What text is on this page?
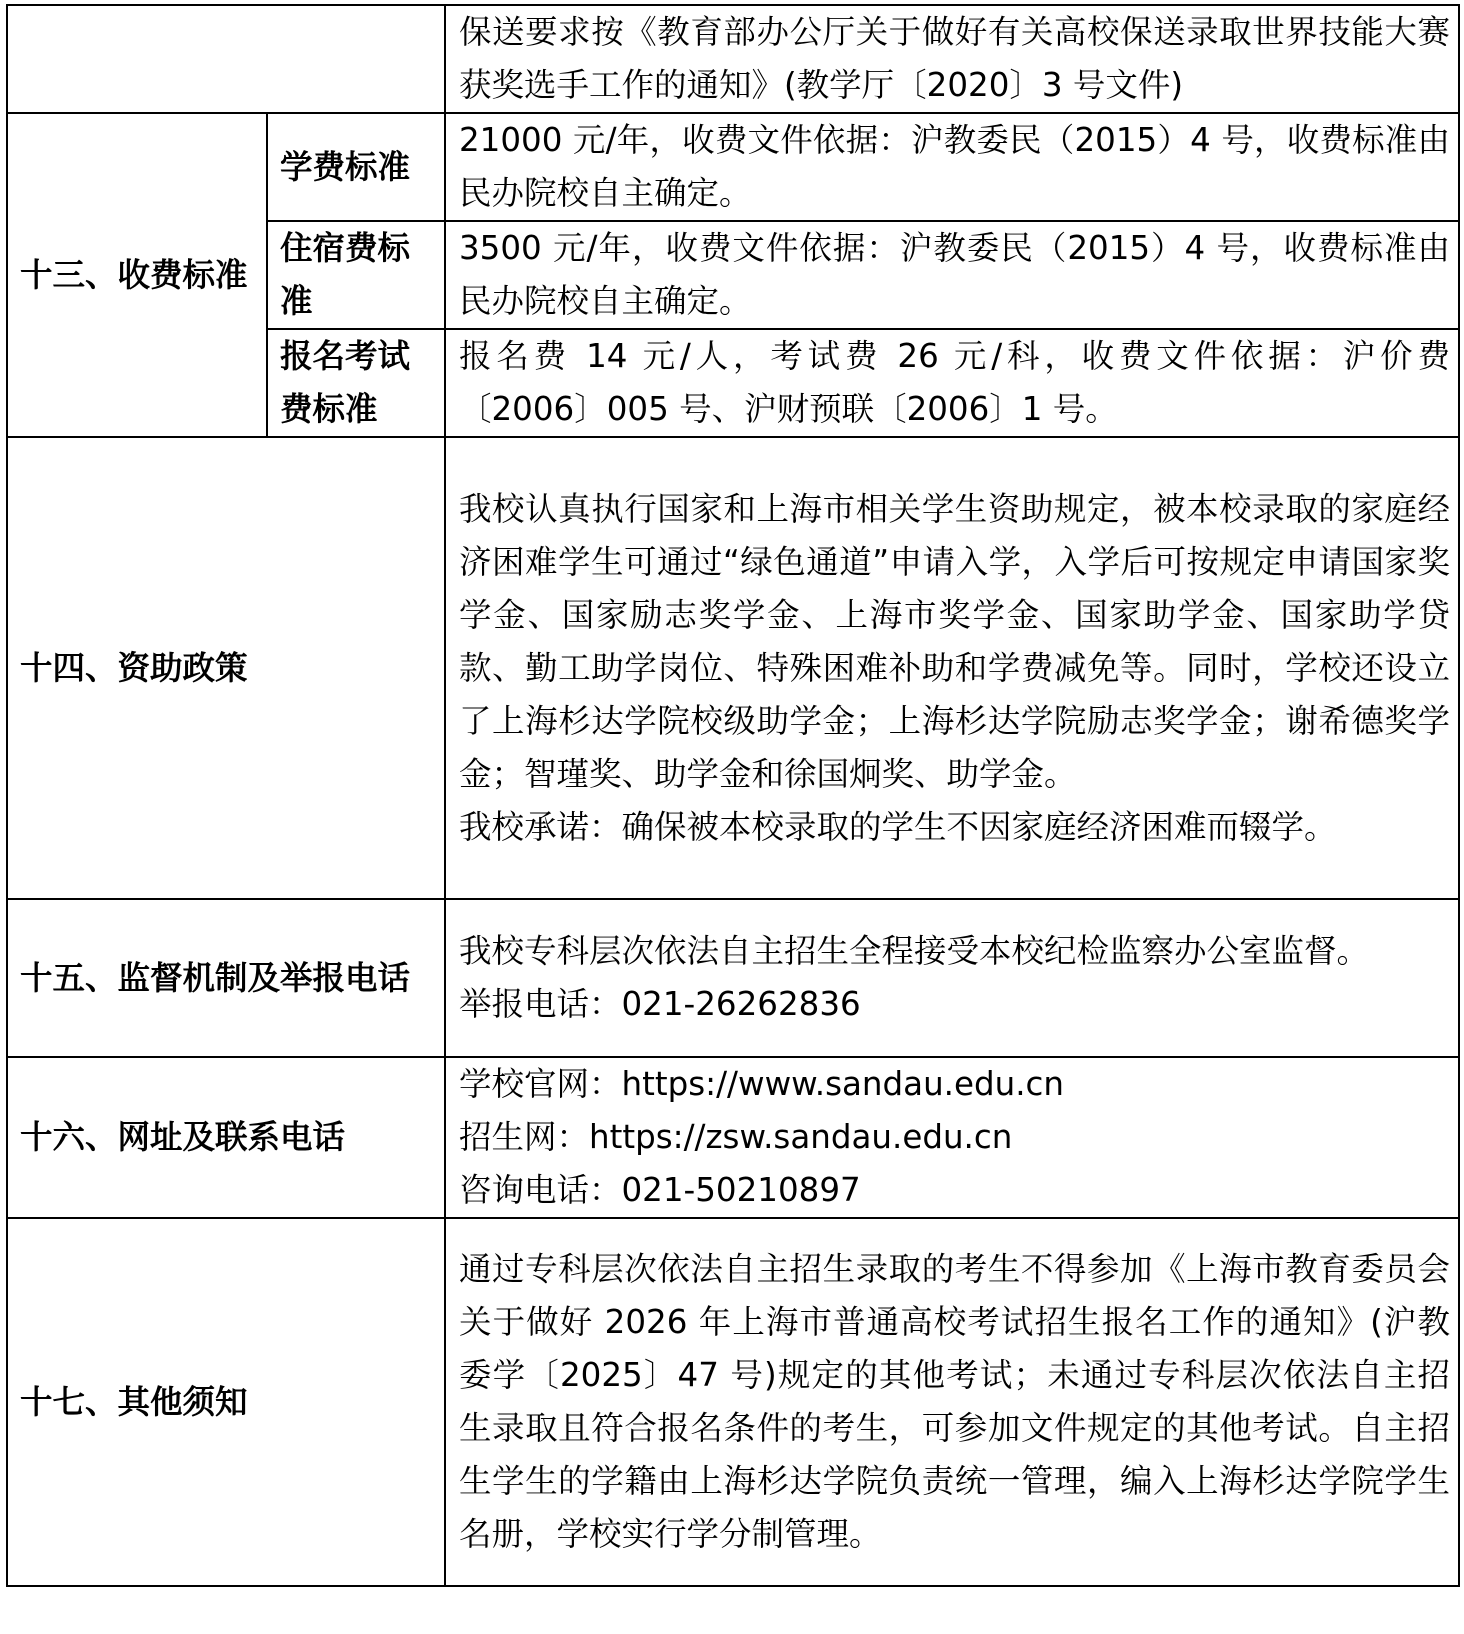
		保送要求按《教育部办公厅关于做好有关高校保送录取世界技能大赛获奖选手工作的通知》(教学厅〔2020〕3 号文件)
十三、收费标准	学费标准	21000 元/年，收费文件依据：沪教委民（2015）4 号，收费标准由民办院校自主确定。
	住宿费标准	3500 元/年，收费文件依据：沪教委民（2015）4 号，收费标准由民办院校自主确定。
	报名考试费标准	报名费 14 元/人，考试费 26 元/科，收费文件依据：沪价费〔2006〕005 号、沪财预联〔2006〕1 号。
十四、资助政策		我校认真执行国家和上海市相关学生资助规定，被本校录取的家庭经济困难学生可通过“绿色通道”申请入学，入学后可按规定申请国家奖学金、国家励志奖学金、上海市奖学金、国家助学金、国家助学贷款、勤工助学岗位、特殊困难补助和学费减免等。同时，学校还设立了上海杉达学院校级助学金；上海杉达学院励志奖学金；谢希德奖学金；智瑾奖、助学金和徐国炯奖、助学金。
我校承诺：确保被本校录取的学生不因家庭经济困难而辍学。

十五、监督机制及举报电话		我校专科层次依法自主招生全程接受本校纪检监察办公室监督。
举报电话：021-26262836

十六、网址及联系电话		学校官网：https://www.sandau.edu.cn
招生网：https://zsw.sandau.edu.cn
咨询电话：021-50210897

十七、其他须知		通过专科层次依法自主招生录取的考生不得参加《上海市教育委员会关于做好 2026 年上海市普通高校考试招生报名工作的通知》(沪教委学〔2025〕47 号)规定的其他考试；未通过专科层次依法自主招生录取且符合报名条件的考生，可参加文件规定的其他考试。自主招生学生的学籍由上海杉达学院负责统一管理，编入上海杉达学院学生名册，学校实行学分制管理。
